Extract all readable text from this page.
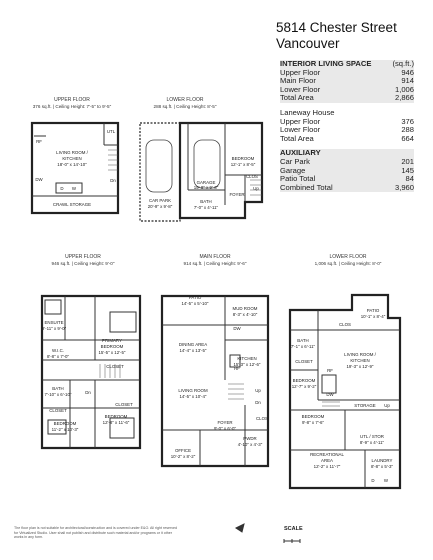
5814 Chester Street
Vancouver
INTERIOR LIVING SPACE	(sq.ft.)
Upper Floor	946
Main Floor	914
Lower Floor	1,006
Total Area	2,866
Laneway House
Upper Floor	376
Lower Floor	288
Total Area	664
AUXILIARY
Car Park	201
Garage	145
Patio Total	84
Combined Total	3,960
UPPER FLOOR
376 sq.ft. | Ceiling Height: 7'-5" to 9'-5"
LOWER FLOOR
288 sq.ft. | Ceiling Height: 8'-5"
UPPER FLOOR
946 sq.ft. | Ceiling Height: 9'-0"
MAIN FLOOR
914 sq.ft. | Ceiling Height: 9'-6"
LOWER FLOOR
1,006 sq.ft. | Ceiling Height: 8'-0"
LIVING ROOM /
KITCHEN
18'-0" x 14'-10"
CRAWL STORAGE
UTL
RF
DW
D W
Dn
CAR PARK
20'-9" x 9'-8"
GARAGE
15'-8" x 9'-3"
BEDROOM
12'-1" x 8'-5"
BATH
7'-0" x 4'-11"
FOYER
CLOS
Up
ENSUITE
9'-11" x 9'-0"
W.I.C.
8'-8" x 7'-0"
PRIMARY
BEDROOM
15'-5" x 12'-5"
CLOSET
BATH
7'-10" x 6'-10"
BEDROOM
11'-2" x 10'-3"
BEDROOM
12'-8" x 11'-6"
Dn
CLOSET
CLOSET
PATIO
14'-5" x 5'-10"
MUD ROOM
8'-3" x 4'-10"
DINING AREA
14'-4" x 13'-5"
KITCHEN
15'-3" x 12'-6"
LIVING ROOM
14'-5" x 10'-4"
FOYER
9'-0" x 6'-0"
OFFICE
10'-2" x 8'-2"
PWDR
4'-10" x 4'-3"
CLOS
DW
RF
Up
Dn
PATIO
10'-1" x 8'-4"
CLOS
BATH
7'-1" x 6'-11"
LIVING ROOM /
KITCHEN
19'-3" x 12'-9"
CLOSET
BEDROOM
12'-7" x 9'-2"
RF
DW
STORAGE
BEDROOM
9'-8" x 7'-6"
UTL / STOR
8'-9" x 4'-11"
RECREATIONAL
AREA
12'-2" x 11'-7"
LAUNDRY
8'-8" x 5'-3"
Up
D W
The floor plan is not suitable for architectural/construction and is covered under E&O. All right reserved for Virtualized Studio. User shall not publish and distribute such material and/or programs or it other works in any form.
SCALE
